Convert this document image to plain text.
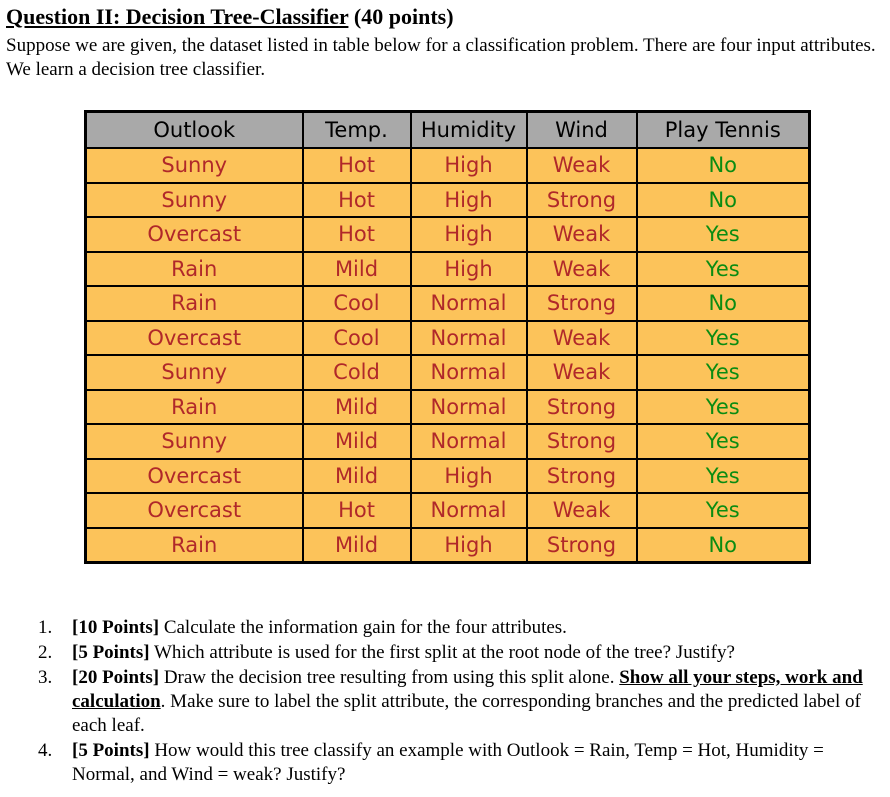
Question II: Decision Tree-Classifier (40 points)
Suppose we are given, the dataset listed in table below for a classification problem. There are four input attributes. We learn a decision tree classifier.
Outlook	Temp.	Humidity	Wind	Play Tennis
Sunny	Hot	High	Weak	No
Sunny	Hot	High	Strong	No
Overcast	Hot	High	Weak	Yes
Rain	Mild	High	Weak	Yes
Rain	Cool	Normal	Strong	No
Overcast	Cool	Normal	Weak	Yes
Sunny	Cold	Normal	Weak	Yes
Rain	Mild	Normal	Strong	Yes
Sunny	Mild	Normal	Strong	Yes
Overcast	Mild	High	Strong	Yes
Overcast	Hot	Normal	Weak	Yes
Rain	Mild	High	Strong	No
1. [10 Points] Calculate the information gain for the four attributes.
2. [5 Points] Which attribute is used for the first split at the root node of the tree? Justify?
3. [20 Points] Draw the decision tree resulting from using this split alone. Show all your steps, work and calculation. Make sure to label the split attribute, the corresponding branches and the predicted label of each leaf.
4. [5 Points] How would this tree classify an example with Outlook = Rain, Temp = Hot, Humidity = Normal, and Wind = weak? Justify?
